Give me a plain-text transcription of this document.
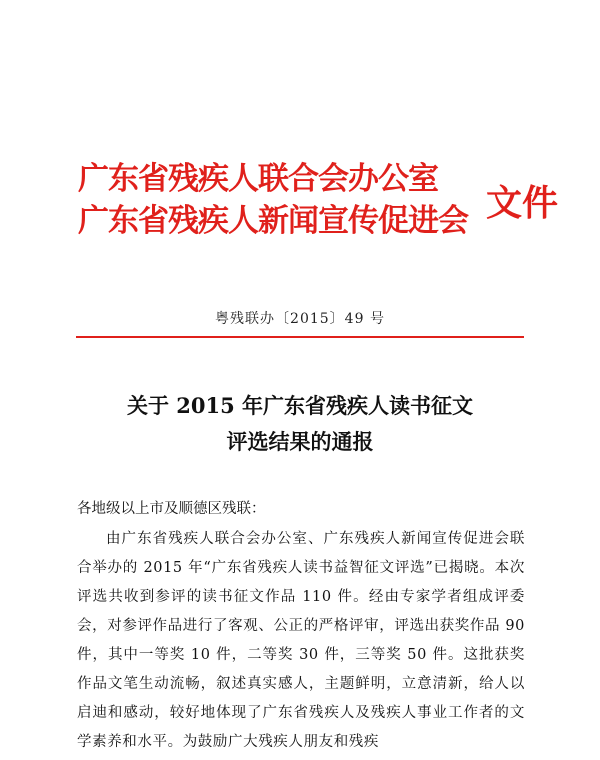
广东省残疾人联合会办公室
广东省残疾人新闻宣传促进会 文件
粤残联办〔2015〕49 号
关于 2015 年广东省残疾人读书征文
评选结果的通报
各地级以上市及顺德区残联：
由广东省残疾人联合会办公室、广东残疾人新闻宣传促进会联合举办的 2015 年“广东省残疾人读书益智征文评选”已揭晓。本次评选共收到参评的读书征文作品 110 件。经由专家学者组成评委会，对参评作品进行了客观、公正的严格评审，评选出获奖作品 90 件，其中一等奖 10 件，二等奖 30 件，三等奖 50 件。这批获奖作品文笔生动流畅，叙述真实感人，主题鲜明，立意清新，给人以启迪和感动，较好地体现了广东省残疾人及残疾人事业工作者的文学素养和水平。为鼓励广大残疾人朋友和残疾
